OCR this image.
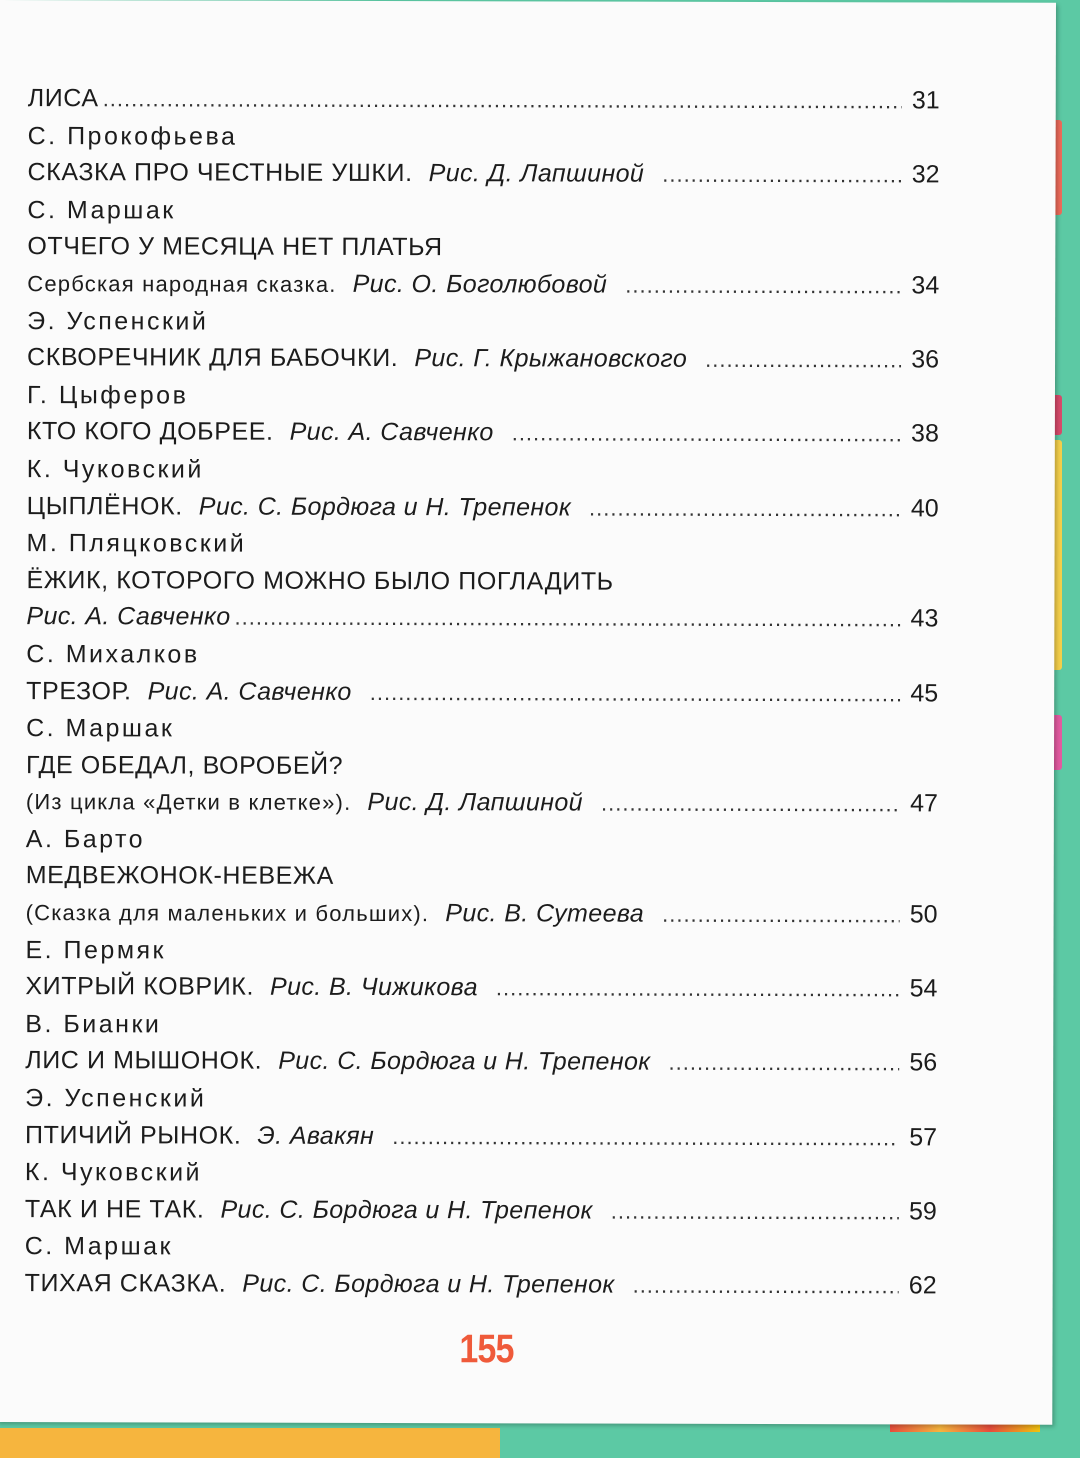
ЛИСА .....	31
С. Прокофьева
СКАЗКА ПРО ЧЕСТНЫЕ УШКИ. Рис. Д. Лапшиной .....	32
С. Маршак
ОТЧЕГО У МЕСЯЦА НЕТ ПЛАТЬЯ
Сербская народная сказка. Рис. О. Боголюбовой .....	34
Э. Успенский
СКВОРЕЧНИК ДЛЯ БАБОЧКИ. Рис. Г. Крыжановского .....	36
Г. Цыферов
КТО КОГО ДОБРЕЕ. Рис. А. Савченко .....	38
К. Чуковский
ЦЫПЛЁНОК. Рис. С. Бордюга и Н. Трепенок .....	40
М. Пляцковский
ЁЖИК, КОТОРОГО МОЖНО БЫЛО ПОГЛАДИТЬ
Рис. А. Савченко .....	43
С. Михалков
ТРЕЗОР. Рис. А. Савченко .....	45
С. Маршак
ГДЕ ОБЕДАЛ, ВОРОБЕЙ?
(Из цикла «Детки в клетке»). Рис. Д. Лапшиной .....	47
А. Барто
МЕДВЕЖОНОК-НЕВЕЖА
(Сказка для маленьких и больших). Рис. В. Сутеева .....	50
Е. Пермяк
ХИТРЫЙ КОВРИК. Рис. В. Чижикова .....	54
В. Бианки
ЛИС И МЫШОНОК. Рис. С. Бордюга и Н. Трепенок .....	56
Э. Успенский
ПТИЧИЙ РЫНОК. Э. Авакян .....	57
К. Чуковский
ТАК И НЕ ТАК. Рис. С. Бордюга и Н. Трепенок .....	59
С. Маршак
ТИХАЯ СКАЗКА. Рис. С. Бордюга и Н. Трепенок .....	62
155
